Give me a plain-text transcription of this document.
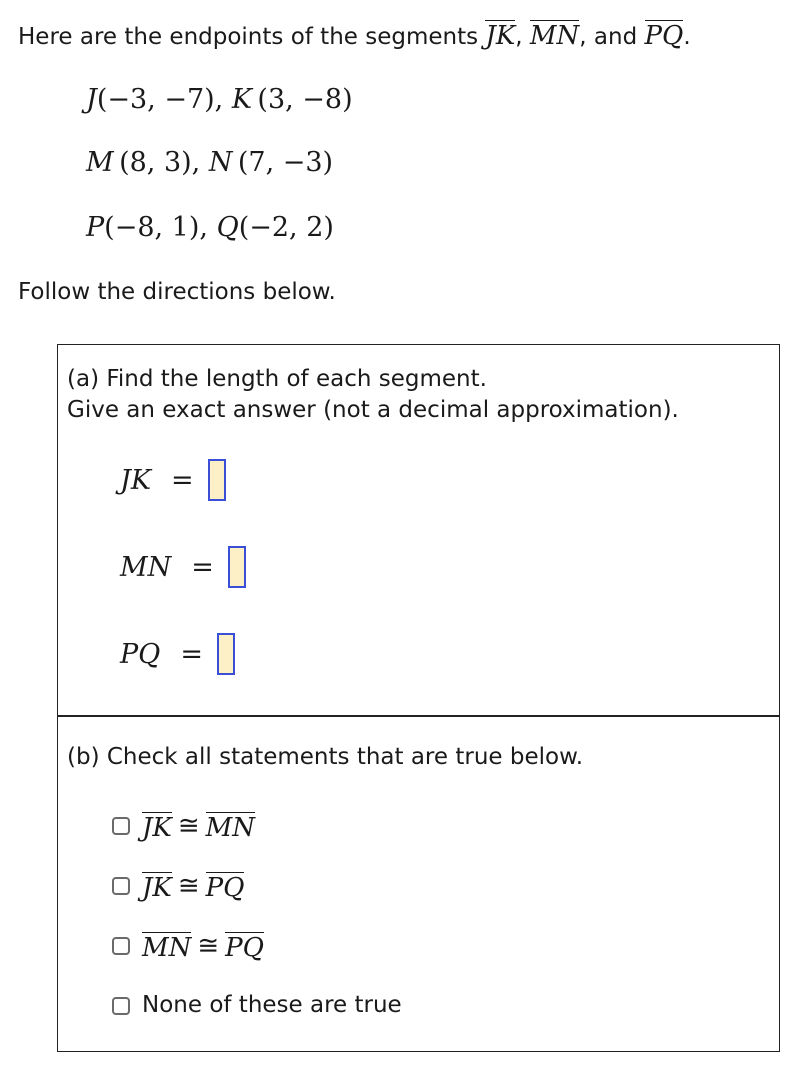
Here are the endpoints of the segments JK, MN, and PQ.
J(−3, −7), K  (3, −8)
M  (8, 3), N  (7, −3)
P(−8, 1), Q(−2, 2)
Follow the directions below.
(a) Find the length of each segment.
Give an exact answer (not a decimal approximation).
JK =
MN =
PQ =
(b) Check all statements that are true below.
JK ≅ MN
JK ≅ PQ
MN ≅ PQ
None of these are true
